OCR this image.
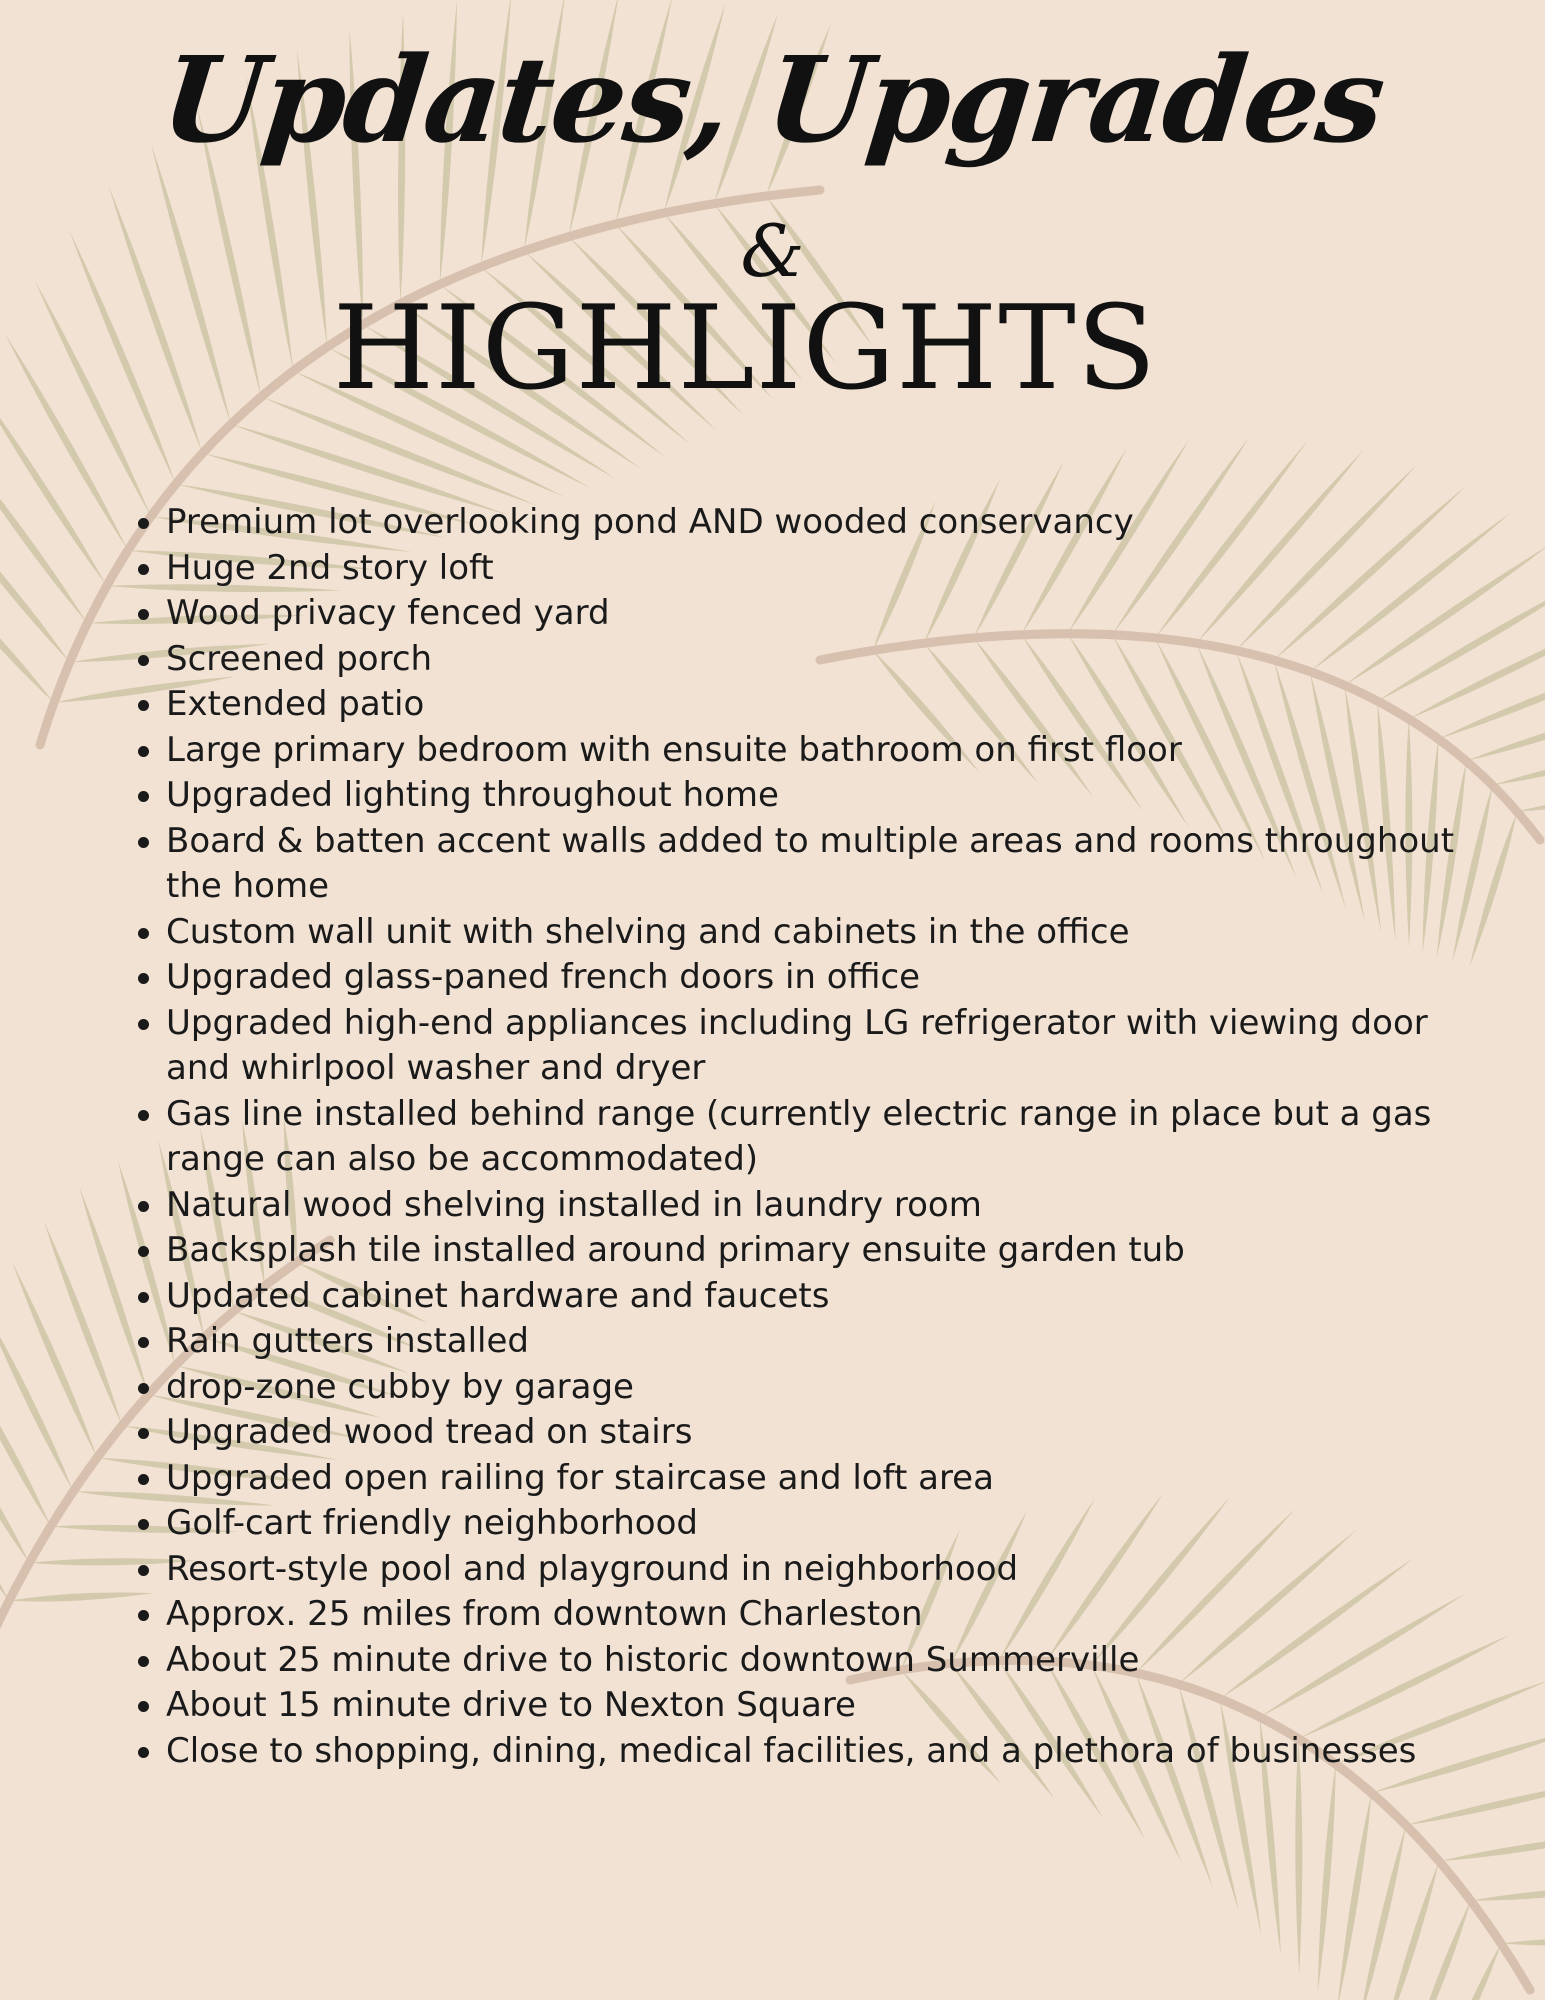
Updates, Upgrades
&
HIGHLIGHTS
Premium lot overlooking pond AND wooded conservancy
Huge 2nd story loft
Wood privacy fenced yard
Screened porch
Extended patio
Large primary bedroom with ensuite bathroom on first floor
Upgraded lighting throughout home
Board & batten accent walls added to multiple areas and rooms throughout the home
Custom wall unit with shelving and cabinets in the office
Upgraded glass-paned french doors in office
Upgraded high-end appliances including LG refrigerator with viewing door and whirlpool washer and dryer
Gas line installed behind range (currently electric range in place but a gas range can also be accommodated)
Natural wood shelving installed in laundry room
Backsplash tile installed around primary ensuite garden tub
Updated cabinet hardware and faucets
Rain gutters installed
drop-zone cubby by garage
Upgraded wood tread on stairs
Upgraded open railing for staircase and loft area
Golf-cart friendly neighborhood
Resort-style pool and playground in neighborhood
Approx. 25 miles from downtown Charleston
About 25 minute drive to historic downtown Summerville
About 15 minute drive to Nexton Square
Close to shopping, dining, medical facilities, and a plethora of businesses
